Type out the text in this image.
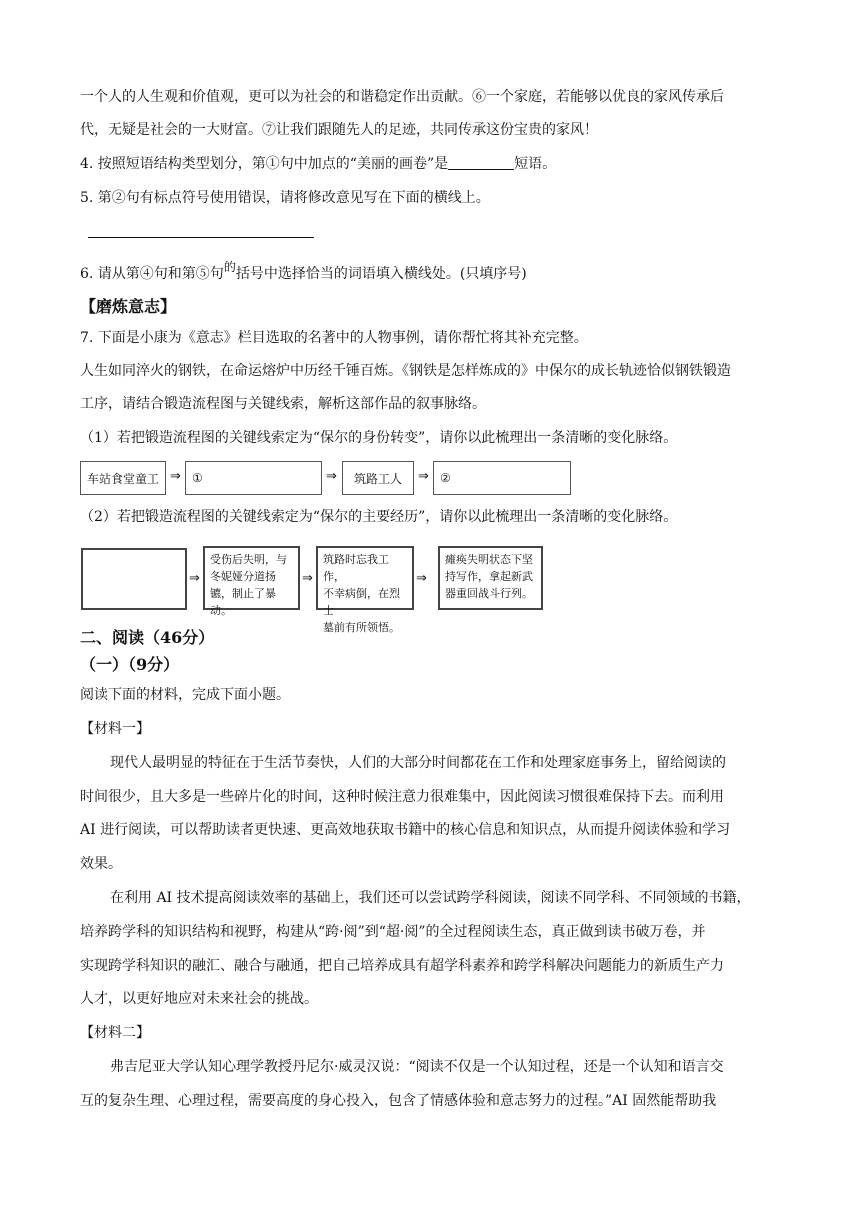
一个人的人生观和价值观，更可以为社会的和谐稳定作出贡献。⑥一个家庭，若能够以优良的家风传承后
代，无疑是社会的一大财富。⑦让我们跟随先人的足迹，共同传承这份宝贵的家风！
4. 按照短语结构类型划分，第①句中加点的“美丽的画卷”是	短语。
5. 第②句有标点符号使用错误，请将修改意见写在下面的横线上。
6. 请从第④句和第⑤句的括号中选择恰当的词语填入横线处。(只填序号)
【磨炼意志】
7. 下面是小康为《意志》栏目选取的名著中的人物事例，请你帮忙将其补充完整。
人生如同淬火的钢铁，在命运熔炉中历经千锤百炼。《钢铁是怎样炼成的》中保尔的成长轨迹恰似钢铁锻造
工序，请结合锻造流程图与关键线索，解析这部作品的叙事脉络。
（1）若把锻造流程图的关键线索定为“保尔的身份转变”，请你以此梳理出一条清晰的变化脉络。
车站食堂童工 ⇒ ①	⇒	筑路工人	⇒ ②
（2）若把锻造流程图的关键线索定为“保尔的主要经历”，请你以此梳理出一条清晰的变化脉络。
⇒
受伤后失明，与
冬妮娅分道扬
镳，制止了暴动。
⇒
筑路时忘我工作，
不幸病倒，在烈士
墓前有所领悟。
⇒
瘫痪失明状态下坚
持写作，拿起新武
器重回战斗行列。
二、阅读（46分）
（一）（9分）
阅读下面的材料，完成下面小题。
【材料一】
现代人最明显的特征在于生活节奏快，人们的大部分时间都花在工作和处理家庭事务上，留给阅读的
时间很少，且大多是一些碎片化的时间，这种时候注意力很难集中，因此阅读习惯很难保持下去。而利用
AI 进行阅读，可以帮助读者更快速、更高效地获取书籍中的核心信息和知识点，从而提升阅读体验和学习
效果。
在利用 AI 技术提高阅读效率的基础上，我们还可以尝试跨学科阅读，阅读不同学科、不同领域的书籍，
培养跨学科的知识结构和视野，构建从“跨·阅”到“超·阅”的全过程阅读生态，真正做到读书破万卷，并
实现跨学科知识的融汇、融合与融通，把自己培养成具有超学科素养和跨学科解决问题能力的新质生产力
人才，以更好地应对未来社会的挑战。
【材料二】
弗吉尼亚大学认知心理学教授丹尼尔·威灵汉说：“阅读不仅是一个认知过程，还是一个认知和语言交
互的复杂生理、心理过程，需要高度的身心投入，包含了情感体验和意志努力的过程。”AI 固然能帮助我
